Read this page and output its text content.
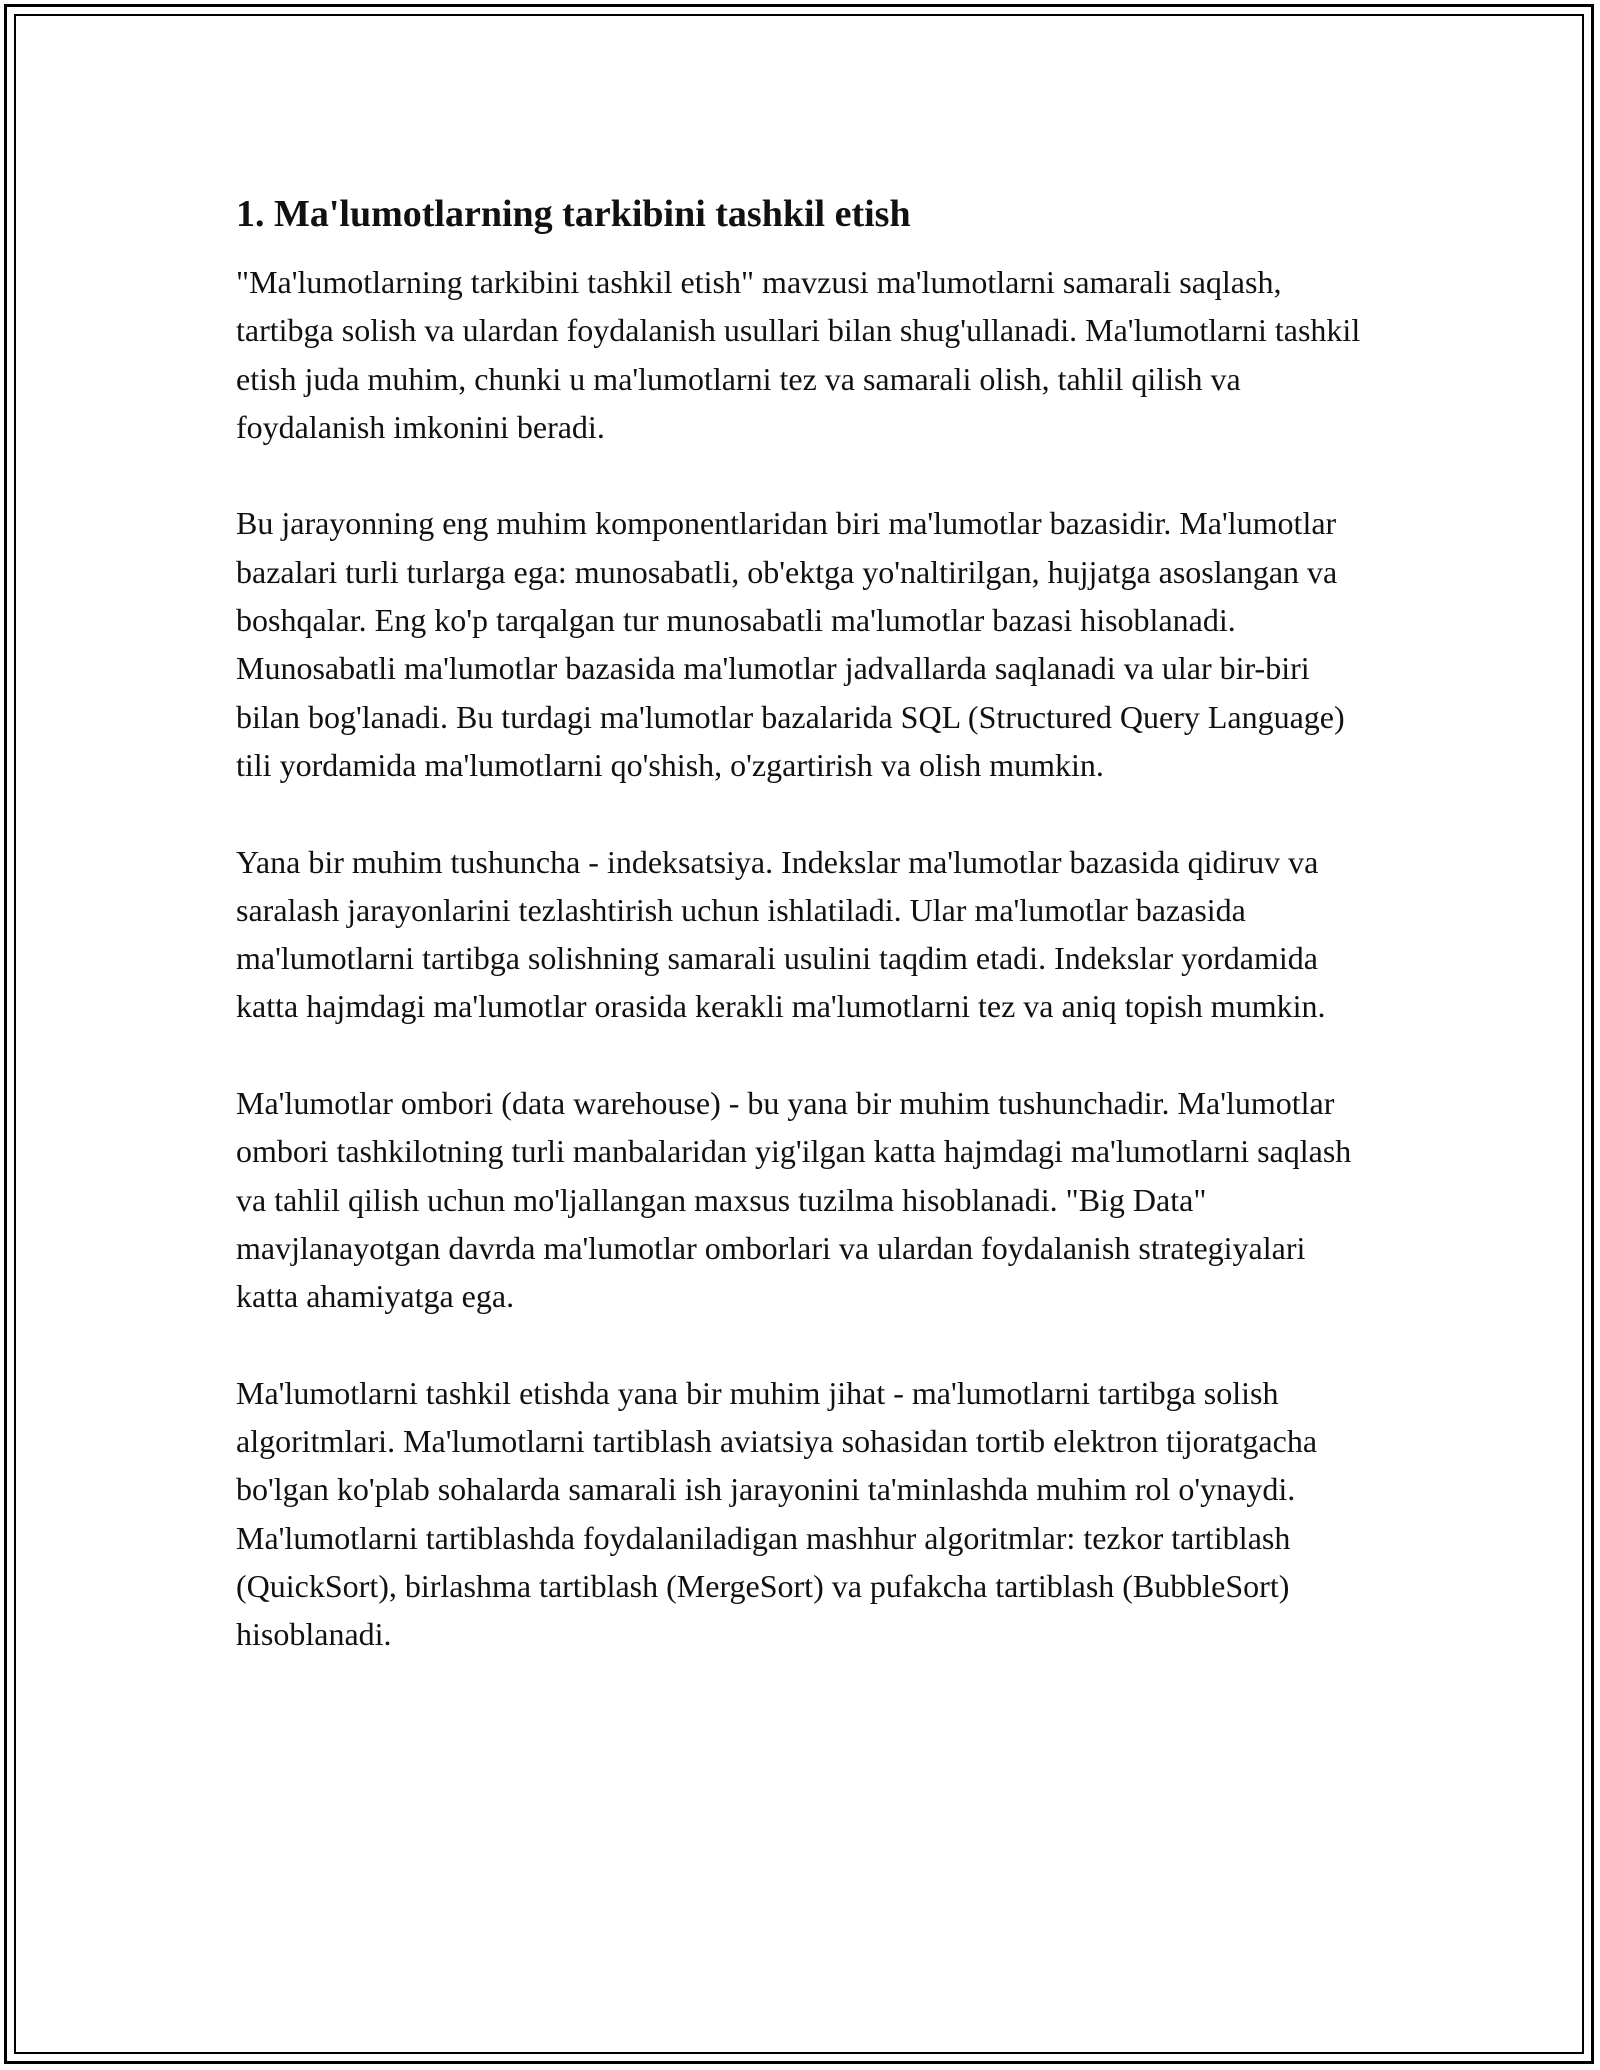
1. Ma'lumotlarning tarkibini tashkil etish

"Ma'lumotlarning tarkibini tashkil etish" mavzusi ma'lumotlarni samarali saqlash, tartibga solish va ulardan foydalanish usullari bilan shug'ullanadi. Ma'lumotlarni tashkil etish juda muhim, chunki u ma'lumotlarni tez va samarali olish, tahlil qilish va foydalanish imkonini beradi.

Bu jarayonning eng muhim komponentlaridan biri ma'lumotlar bazasidir. Ma'lumotlar bazalari turli turlarga ega: munosabatli, ob'ektga yo'naltirilgan, hujjatga asoslangan va boshqalar. Eng ko'p tarqalgan tur munosabatli ma'lumotlar bazasi hisoblanadi. Munosabatli ma'lumotlar bazasida ma'lumotlar jadvallarda saqlanadi va ular bir-biri bilan bog'lanadi. Bu turdagi ma'lumotlar bazalarida SQL (Structured Query Language) tili yordamida ma'lumotlarni qo'shish, o'zgartirish va olish mumkin.

Yana bir muhim tushuncha - indeksatsiya. Indekslar ma'lumotlar bazasida qidiruv va saralash jarayonlarini tezlashtirish uchun ishlatiladi. Ular ma'lumotlar bazasida ma'lumotlarni tartibga solishning samarali usulini taqdim etadi. Indekslar yordamida katta hajmdagi ma'lumotlar orasida kerakli ma'lumotlarni tez va aniq topish mumkin.

Ma'lumotlar ombori (data warehouse) - bu yana bir muhim tushunchadir. Ma'lumotlar ombori tashkilotning turli manbalaridan yig'ilgan katta hajmdagi ma'lumotlarni saqlash va tahlil qilish uchun mo'ljallangan maxsus tuzilma hisoblanadi. "Big Data" mavjlanayotgan davrda ma'lumotlar omborlari va ulardan foydalanish strategiyalari katta ahamiyatga ega.

Ma'lumotlarni tashkil etishda yana bir muhim jihat - ma'lumotlarni tartibga solish algoritmlari. Ma'lumotlarni tartiblash aviatsiya sohasidan tortib elektron tijoratgacha bo'lgan ko'plab sohalarda samarali ish jarayonini ta'minlashda muhim rol o'ynaydi. Ma'lumotlarni tartiblashda foydalaniladigan mashhur algoritmlar: tezkor tartiblash (QuickSort), birlashma tartiblash (MergeSort) va pufakcha tartiblash (BubbleSort) hisoblanadi.
